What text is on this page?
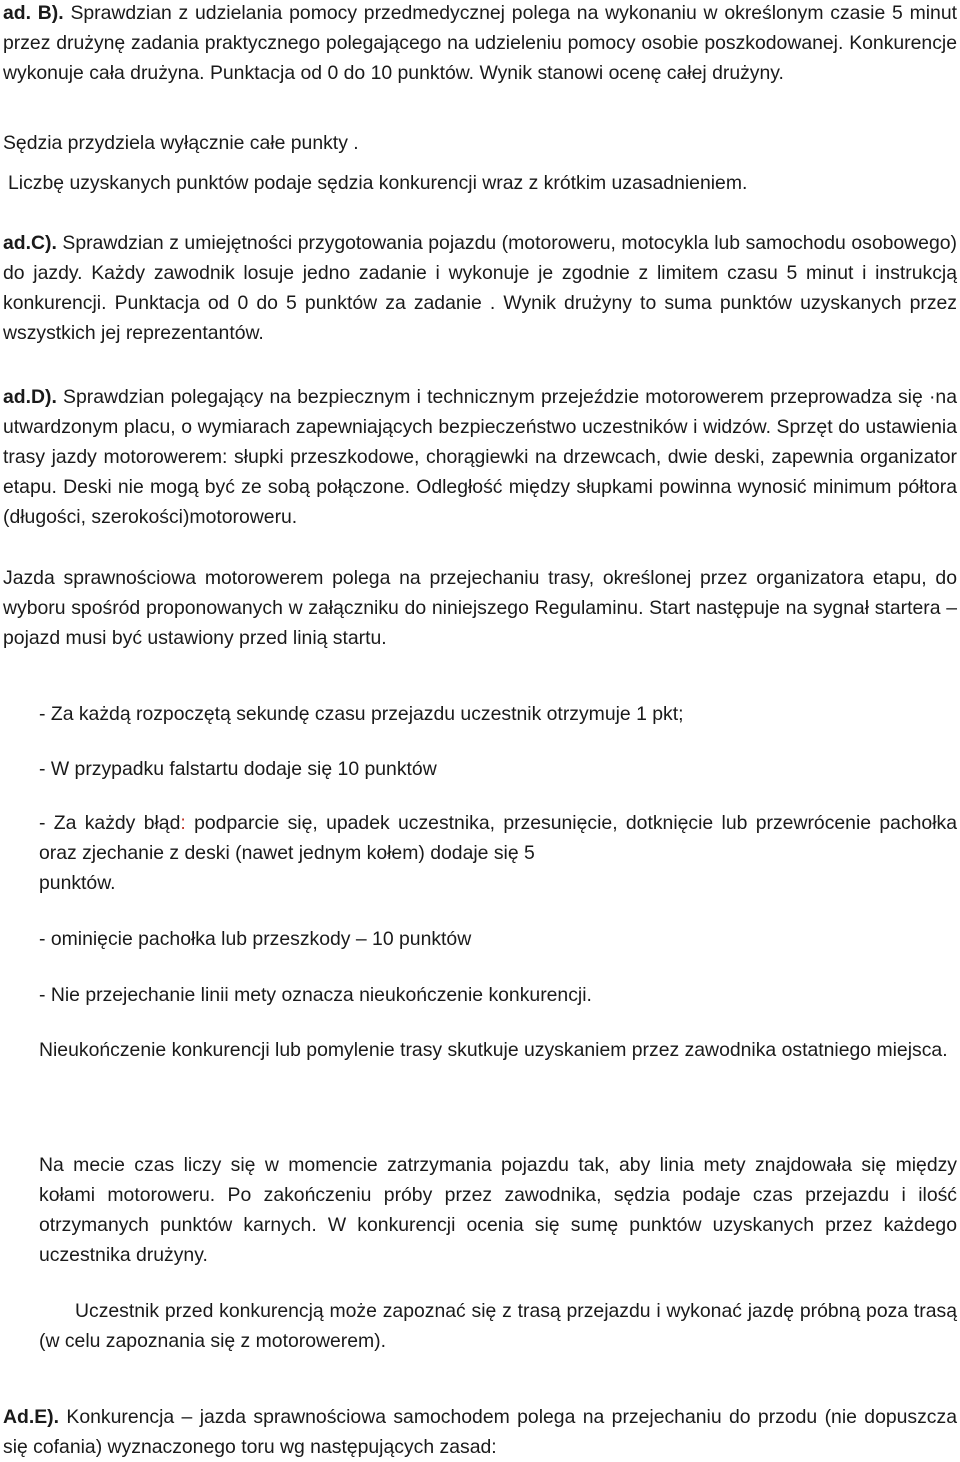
ad. B). Sprawdzian z udzielania pomocy przedmedycznej polega na wykonaniu w określonym czasie 5 minut przez drużynę zadania praktycznego polegającego na udzieleniu pomocy osobie poszkodowanej. Konkurencje wykonuje cała drużyna. Punktacja od 0 do 10 punktów. Wynik stanowi ocenę całej drużyny.

Sędzia przydziela wyłącznie całe punkty .
Liczbę uzyskanych punktów podaje sędzia konkurencji wraz z krótkim uzasadnieniem.

ad.C). Sprawdzian z umiejętności przygotowania pojazdu (motoroweru, motocykla lub samochodu osobowego) do jazdy. Każdy zawodnik losuje jedno zadanie i wykonuje je zgodnie z limitem czasu 5 minut i instrukcją konkurencji. Punktacja od 0 do 5 punktów za zadanie . Wynik drużyny to suma punktów uzyskanych przez wszystkich jej reprezentantów.

ad.D). Sprawdzian polegający na bezpiecznym i technicznym przejeździe motorowerem przeprowadza się ·na utwardzonym placu, o wymiarach zapewniających bezpieczeństwo uczestników i widzów. Sprzęt do ustawienia trasy jazdy motorowerem: słupki przeszkodowe, chorągiewki na drzewcach, dwie deski, zapewnia organizator etapu. Deski nie mogą być ze sobą połączone. Odległość między słupkami powinna wynosić minimum półtora (długości, szerokości)motoroweru.

Jazda sprawnościowa motorowerem polega na przejechaniu trasy, określonej przez organizatora etapu, do wyboru spośród proponowanych w załączniku do niniejszego Regulaminu. Start następuje na sygnał startera – pojazd musi być ustawiony przed linią startu.
- Za każdą rozpoczętą sekundę czasu przejazdu uczestnik otrzymuje 1 pkt;
- W przypadku falstartu dodaje się 10 punktów

- Za każdy błąd: podparcie się, upadek uczestnika, przesunięcie, dotknięcie lub przewrócenie pachołka oraz zjechanie z deski (nawet jednym kołem) dodaje się 5

punktów.

- ominięcie pachołka lub przeszkody – 10 punktów
- Nie przejechanie linii mety oznacza nieukończenie konkurencji.
Nieukończenie konkurencji lub pomylenie trasy skutkuje uzyskaniem przez zawodnika ostatniego miejsca.
Na mecie czas liczy się w momencie zatrzymania pojazdu tak, aby linia mety znajdowała się między kołami motoroweru. Po zakończeniu próby przez zawodnika, sędzia podaje czas przejazdu i ilość otrzymanych punktów karnych. W konkurencji ocenia się sumę punktów uzyskanych przez każdego uczestnika drużyny.
Uczestnik przed konkurencją może zapoznać się z trasą przejazdu i wykonać jazdę próbną poza trasą (w celu zapoznania się z motorowerem).

Ad.E). Konkurencja – jazda sprawnościowa samochodem polega na przejechaniu do przodu (nie dopuszcza się cofania) wyznaczonego toru wg następujących zasad:
